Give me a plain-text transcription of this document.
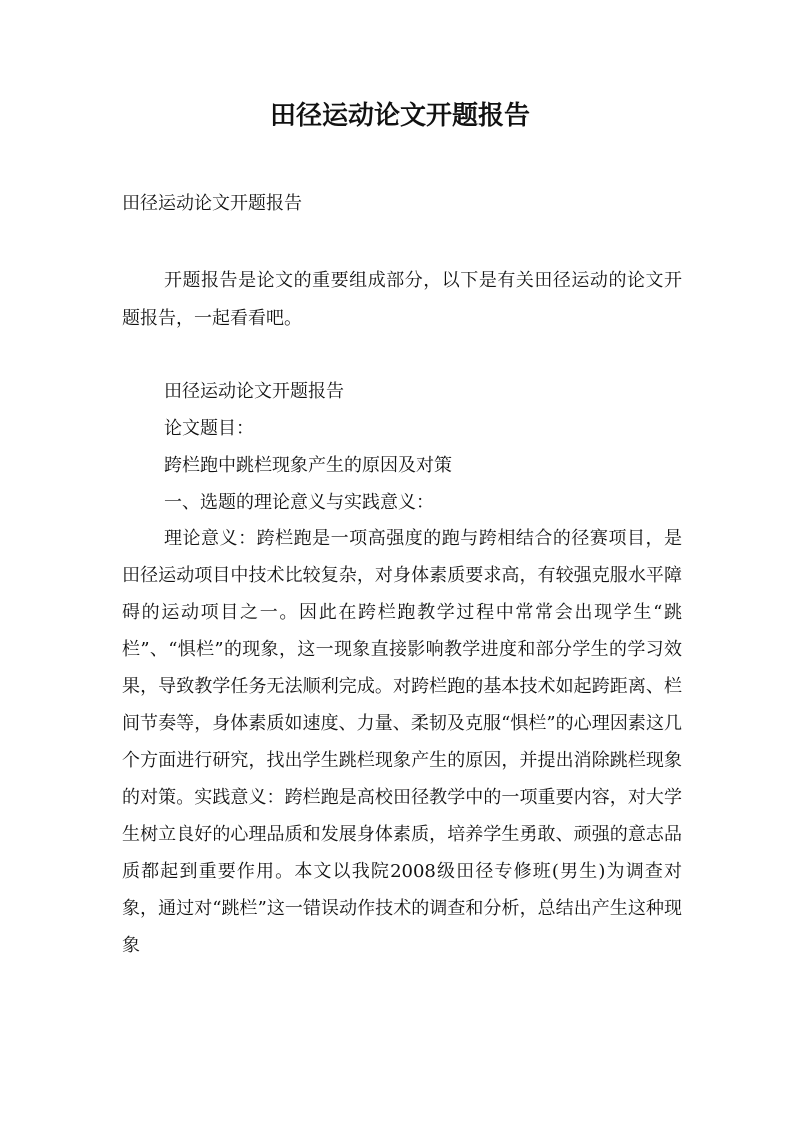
田径运动论文开题报告

田径运动论文开题报告

开题报告是论文的重要组成部分，以下是有关田径运动的论文开题报告，一起看看吧。

田径运动论文开题报告
论文题目：
跨栏跑中跳栏现象产生的原因及对策
一、选题的理论意义与实践意义：

理论意义：跨栏跑是一项高强度的跑与跨相结合的径赛项目，是田径运动项目中技术比较复杂，对身体素质要求高，有较强克服水平障碍的运动项目之一。因此在跨栏跑教学过程中常常会出现学生“跳栏”、“惧栏”的现象，这一现象直接影响教学进度和部分学生的学习效果，导致教学任务无法顺利完成。对跨栏跑的基本技术如起跨距离、栏间节奏等，身体素质如速度、力量、柔韧及克服“惧栏”的心理因素这几个方面进行研究，找出学生跳栏现象产生的原因，并提出消除跳栏现象的对策。实践意义：跨栏跑是高校田径教学中的一项重要内容，对大学生树立良好的心理品质和发展身体素质，培养学生勇敢、顽强的意志品质都起到重要作用。本文以我院2008级田径专修班(男生)为调查对象，通过对“跳栏”这一错误动作技术的调查和分析，总结出产生这种现象
